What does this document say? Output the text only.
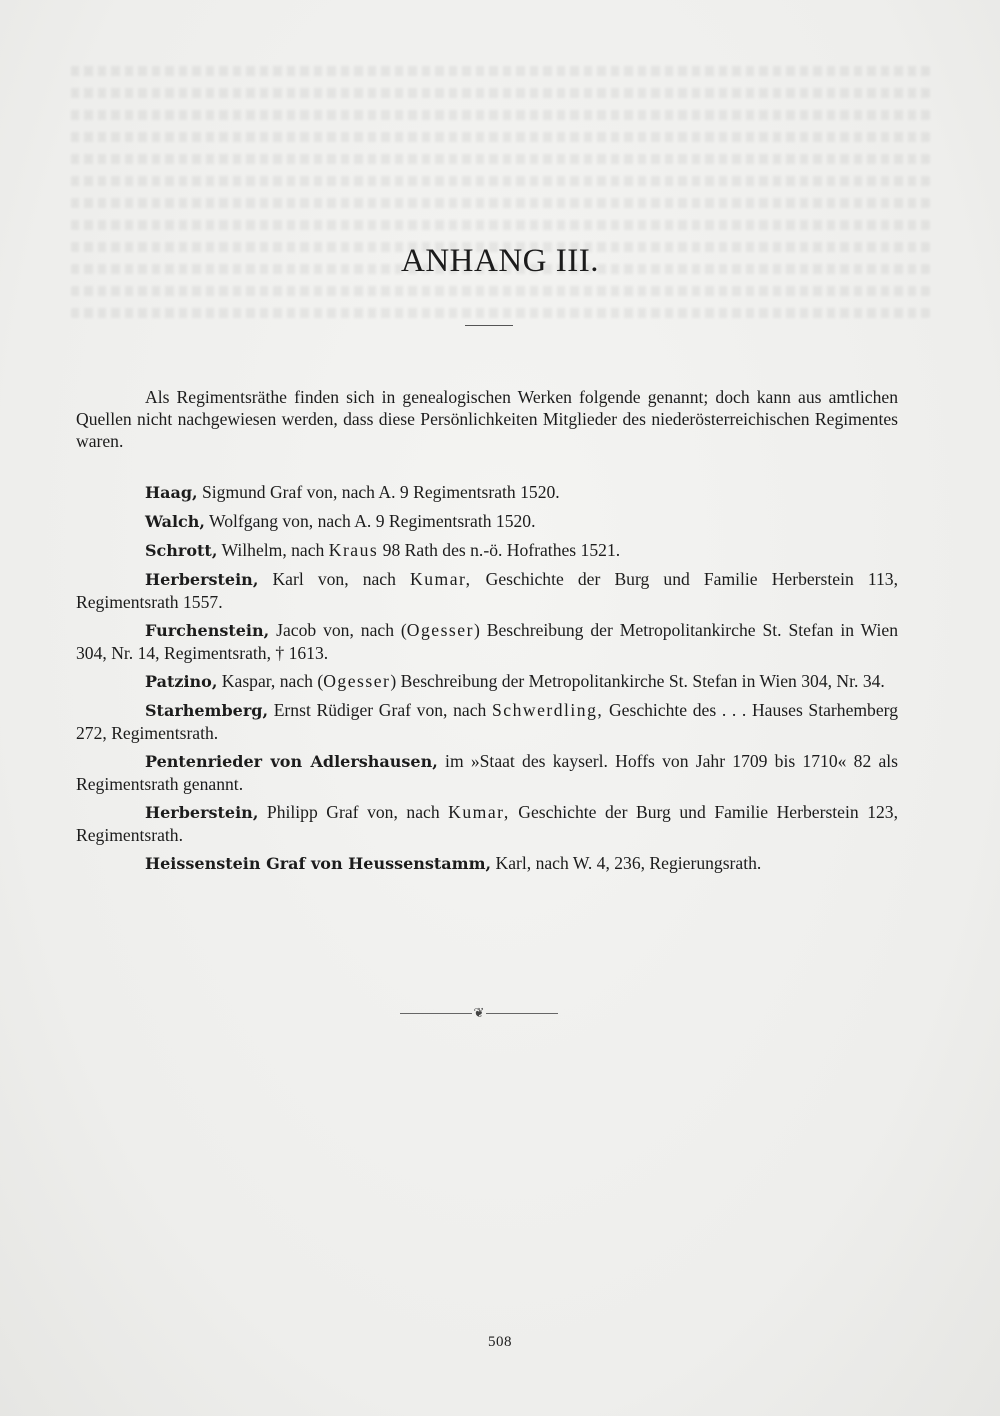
ANHANG III.

Als Regimentsräthe finden sich in genealogischen Werken folgende genannt; doch kann aus amtlichen Quellen nicht nachgewiesen werden, dass diese Persönlichkeiten Mitglieder des niederösterreichischen Regimentes waren.

Haag, Sigmund Graf von, nach A. 9 Regimentsrath 1520.
Walch, Wolfgang von, nach A. 9 Regimentsrath 1520.
Schrott, Wilhelm, nach Kraus 98 Rath des n.-ö. Hofrathes 1521.
Herberstein, Karl von, nach Kumar, Geschichte der Burg und Familie Herberstein 113, Regimentsrath 1557.
Furchenstein, Jacob von, nach (Ogesser) Beschreibung der Metropolitankirche St. Stefan in Wien 304, Nr. 14, Regimentsrath, † 1613.
Patzino, Kaspar, nach (Ogesser) Beschreibung der Metropolitankirche St. Stefan in Wien 304, Nr. 34.
Starhemberg, Ernst Rüdiger Graf von, nach Schwerdling, Geschichte des . . . Hauses Starhemberg 272, Regimentsrath.
Pentenrieder von Adlershausen, im »Staat des kayserl. Hoffs von Jahr 1709 bis 1710« 82 als Regimentsrath genannt.
Herberstein, Philipp Graf von, nach Kumar, Geschichte der Burg und Familie Herberstein 123, Regimentsrath.
Heissenstein Graf von Heussenstamm, Karl, nach W. 4, 236, Regierungsrath.
❦
508
